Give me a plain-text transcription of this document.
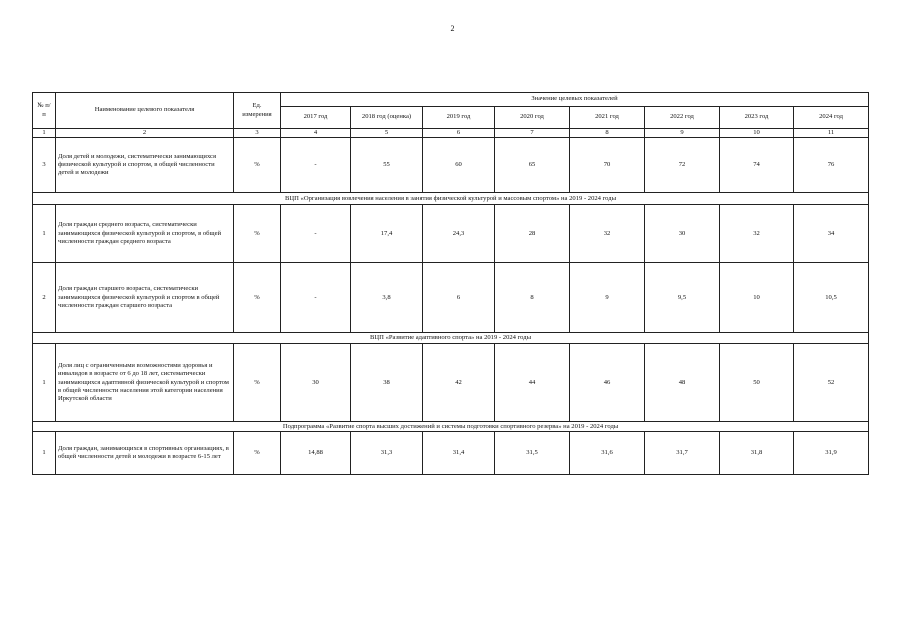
2
№ п/п	Наименование целевого показателя	Ед. измерения	Значение целевых показателей							
			2017 год	2018 год (оценка)	2019 год	2020 год	2021 год	2022 год	2023 год	2024 год
1	2	3	4	5	6	7	8	9	10	11
3	Доля детей и молодежи, систематически занимающихся физической культурой и спортом, в общей численности детей и молодежи	%	-	55	60	65	70	72	74	76
ВЦП «Организация вовлечения населения в занятия физической культурой и массовым спортом» на 2019 - 2024 годы										
1	Доля граждан среднего возраста, систематически занимающихся физической культурой и спортом, в общей численности граждан среднего возраста	%	-	17,4	24,3	28	32	30	32	34
2	Доля граждан старшего возраста, систематически занимающихся физической культурой и спортом в общей численности граждан старшего возраста	%	-	3,8	6	8	9	9,5	10	10,5
ВЦП «Развитие адаптивного спорта» на 2019 - 2024 годы										
1	Доля лиц с ограниченными возможностями здоровья и инвалидов в возрасте от 6 до 18 лет, систематически занимающихся адаптивной физической культурой и спортом в общей численности населения этой категории населения Иркутской области	%	30	38	42	44	46	48	50	52
Подпрограмма «Развитие спорта высших достижений и системы подготовки спортивного резерва» на 2019 - 2024 годы										
1	Доля граждан, занимающихся в спортивных организациях, в общей численности детей и молодежи в возрасте 6-15 лет	%	14,88	31,3	31,4	31,5	31,6	31,7	31,8	31,9
